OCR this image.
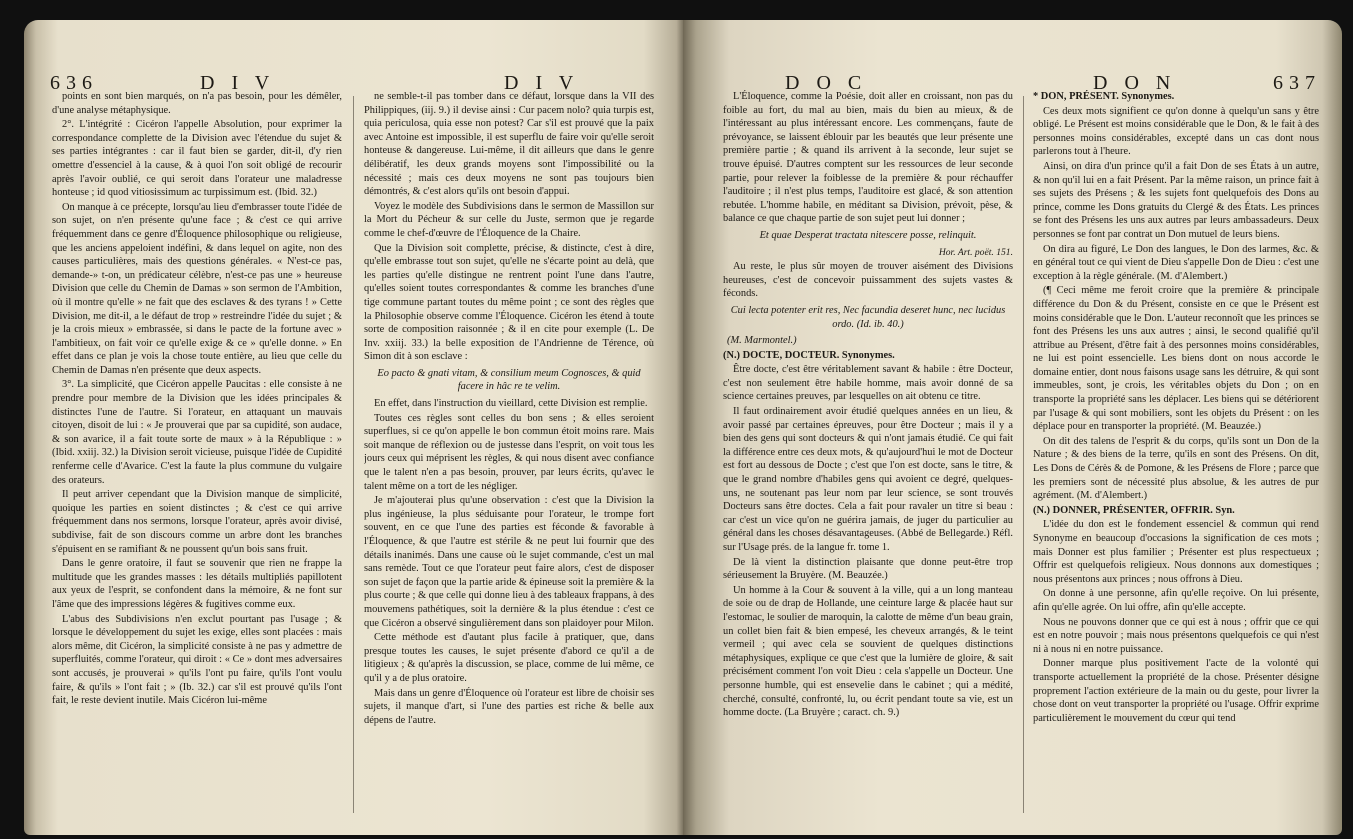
636	D I V	D I V

points en sont bien marqués, on n'a pas besoin, pour les démêler, d'une analyse métaphysique.

2°. L'intégrité : Cicéron l'appelle Absolution, pour exprimer la correspondance complette de la Division avec l'étendue du sujet & ses parties intégrantes : car il faut bien se garder, dit-il, d'y rien omettre d'essenciel à la cause, & à quoi l'on soit obligé de recourir après l'avoir oublié, ce qui seroit dans l'orateur une maladresse honteuse ; id quod vitiosissimum ac turpissimum est. (Ibid. 32.)

On manque à ce précepte, lorsqu'au lieu d'embrasser toute l'idée de son sujet, on n'en présente qu'une face ; & c'est ce qui arrive fréquemment dans ce genre d'Éloquence philosophique ou religieuse, que les anciens appeloient indéfini, & dans lequel on agite, non des causes particulières, mais des questions générales. « N'est-ce pas, demande-» t-on, un prédicateur célèbre, n'est-ce pas une » heureuse Division que celle du Chemin de Damas » son sermon de l'Ambition, où il montre qu'elle » ne fait que des esclaves & des tyrans ! » Cette Division, me dit-il, a le défaut de trop » restreindre l'idée du sujet ; & je la crois mieux » embrassée, si dans le pacte de la fortune avec » l'ambitieux, on fait voir ce qu'elle exige & ce » qu'elle donne. » En effet dans ce plan je vois la chose toute entière, au lieu que celle du Chemin de Damas n'en présente que deux aspects.

3°. La simplicité, que Cicéron appelle Paucitas : elle consiste à ne prendre pour membre de la Division que les idées principales & distinctes l'une de l'autre. Si l'orateur, en attaquant un mauvais citoyen, disoit de lui : « Je prouverai que par sa cupidité, son audace, & son avarice, il a fait toute sorte de maux » à la République : » (Ibid. xxiij. 32.) la Division seroit vicieuse, puisque l'idée de Cupidité renferme celle d'Avarice. C'est la faute la plus commune du vulgaire des orateurs.

Il peut arriver cependant que la Division manque de simplicité, quoique les parties en soient distinctes ; & c'est ce qui arrive fréquemment dans nos sermons, lorsque l'orateur, après avoir divisé, subdivise, fait de son discours comme un arbre dont les branches s'épuisent en se ramifiant & ne poussent qu'un bois sans fruit.

Dans le genre oratoire, il faut se souvenir que rien ne frappe la multitude que les grandes masses : les détails multipliés papillotent aux yeux de l'esprit, se confondent dans la mémoire, & ne font sur l'âme que des impressions légères & fugitives comme eux.

L'abus des Subdivisions n'en exclut pourtant pas l'usage ; & lorsque le développement du sujet les exige, elles sont placées : mais alors même, dit Cicéron, la simplicité consiste à ne pas y admettre de superfluités, comme l'orateur, qui diroit : « Ce » dont mes adversaires sont accusés, je prouverai » qu'ils l'ont pu faire, qu'ils l'ont voulu faire, & qu'ils » l'ont fait ; » (Ib. 32.) car s'il est prouvé qu'ils l'ont fait, le reste devient inutile. Mais Cicéron lui-même

ne semble-t-il pas tomber dans ce défaut, lorsque dans la VII des Philippiques, (iij. 9.) il devise ainsi : Cur pacem nolo? quia turpis est, quia periculosa, quia esse non potest? Car s'il est prouvé que la paix avec Antoine est impossible, il est superflu de faire voir qu'elle seroit honteuse & dangereuse. Lui-même, il dit ailleurs que dans le genre délibératif, les deux grands moyens sont l'impossibilité ou la nécessité ; mais ces deux moyens ne sont pas toujours bien démontrés, & c'est alors qu'ils ont besoin d'appui.

Voyez le modèle des Subdivisions dans le sermon de Massillon sur la Mort du Pécheur & sur celle du Juste, sermon que je regarde comme le chef-d'œuvre de l'Éloquence de la Chaire.

Que la Division soit complette, précise, & distincte, c'est à dire, qu'elle embrasse tout son sujet, qu'elle ne s'écarte point au delà, que les parties qu'elle distingue ne rentrent point l'une dans l'autre, qu'elles soient toutes correspondantes & comme les branches d'une tige commune partant toutes du même point ; ce sont des règles que la Philosophie observe comme l'Éloquence. Cicéron les étend à toute sorte de composition raisonnée ; & il en cite pour exemple (L. De Inv. xxiij. 33.) la belle exposition de l'Andrienne de Térence, où Simon dit à son esclave :

Eo pacto & gnati vitam, & consilium meum Cognosces, & quid facere in hâc re te velim.

En effet, dans l'instruction du vieillard, cette Division est remplie.

Toutes ces règles sont celles du bon sens ; & elles seroient superflues, si ce qu'on appelle le bon commun étoit moins rare. Mais soit manque de réflexion ou de justesse dans l'esprit, on voit tous les jours ceux qui méprisent les règles, & qui nous disent avec confiance que le talent n'en a pas besoin, prouver, par leurs écrits, qu'avec le talent même on a tort de les négliger.

Je m'ajouterai plus qu'une observation : c'est que la Division la plus ingénieuse, la plus séduisante pour l'orateur, le trompe fort souvent, en ce que l'une des parties est féconde & favorable à l'Éloquence, & que l'autre est stérile & ne peut lui fournir que des détails inanimés. Dans une cause où le sujet commande, c'est un mal sans remède. Tout ce que l'orateur peut faire alors, c'est de disposer son sujet de façon que la partie aride & épineuse soit la première & la plus courte ; & que celle qui donne lieu à des tableaux frappans, à des mouvemens pathétiques, soit la dernière & la plus étendue : c'est ce que Cicéron a observé singulièrement dans son plaidoyer pour Milon.

Cette méthode est d'autant plus facile à pratiquer, que, dans presque toutes les causes, le sujet présente d'abord ce qu'il a de litigieux ; & qu'après la discussion, se place, comme de lui même, ce qu'il y a de plus oratoire.

Mais dans un genre d'Éloquence où l'orateur est libre de choisir ses sujets, il manque d'art, si l'une des parties est riche & belle aux dépens de l'autre.

D O C	D O N	637

L'Éloquence, comme la Poésie, doit aller en croissant, non pas du foible au fort, du mal au bien, mais du bien au mieux, & de l'intéressant au plus intéressant encore. Les commençans, faute de prévoyance, se laissent éblouir par les beautés que leur présente une première partie ; & quand ils arrivent à la seconde, leur sujet se trouve épuisé. D'autres comptent sur les ressources de leur seconde partie, pour relever la foiblesse de la première & pour réchauffer l'auditoire ; il n'est plus temps, l'auditoire est glacé, & son attention rebutée. L'homme habile, en méditant sa Division, prévoit, pèse, & balance ce que chaque partie de son sujet peut lui donner ;

Et quae Desperat tractata nitescere posse, relinquit.

Hor. Art. poët. 151.

Au reste, le plus sûr moyen de trouver aisément des Divisions heureuses, c'est de concevoir puissamment des sujets vastes & féconds.

Cui lecta potenter erit res, Nec facundia deseret hunc, nec lucidus ordo. (Id. ib. 40.)

(M. Marmontel.)

(N.) DOCTE, DOCTEUR. Synonymes.

Être docte, c'est être véritablement savant & habile : être Docteur, c'est non seulement être habile homme, mais avoir donné de sa science certaines preuves, par lesquelles on ait obtenu ce titre.

Il faut ordinairement avoir étudié quelques années en un lieu, & avoir passé par certaines épreuves, pour être Docteur ; mais il y a bien des gens qui sont docteurs & qui n'ont jamais étudié. Ce qui fait la différence entre ces deux mots, & qu'aujourd'hui le mot de Docteur est fort au dessous de Docte ; c'est que l'on est docte, sans le titre, & que le grand nombre d'habiles gens qui avoient ce degré, quelques-uns, ne soutenant pas leur nom par leur science, se sont trouvés Docteurs sans être doctes. Cela a fait pour ravaler un titre si beau : car c'est un vice qu'on ne guérira jamais, de juger du particulier au général dans les choses désavantageuses. (Abbé de Bellegarde.) Réfl. sur l'Usage prés. de la langue fr. tome 1.

De là vient la distinction plaisante que donne peut-être trop sérieusement la Bruyère. (M. Beauzée.)

Un homme à la Cour & souvent à la ville, qui a un long manteau de soie ou de drap de Hollande, une ceinture large & placée haut sur l'estomac, le soulier de maroquin, la calotte de même d'un beau grain, un collet bien fait & bien empesé, les cheveux arrangés, & le teint vermeil ; qui avec cela se souvient de quelques distinctions métaphysiques, explique ce que c'est que la lumière de gloire, & sait précisément comment l'on voit Dieu : cela s'appelle un Docteur. Une personne humble, qui est ensevelie dans le cabinet ; qui a médité, cherché, consulté, confronté, lu, ou écrit pendant toute sa vie, est un homme docte. (La Bruyère ; caract. ch. 9.)

* DON, PRÉSENT. Synonymes.

Ces deux mots signifient ce qu'on donne à quelqu'un sans y être obligé. Le Présent est moins considérable que le Don, & le fait à des personnes moins considérables, excepté dans un cas dont nous parlerons tout à l'heure.

Ainsi, on dira d'un prince qu'il a fait Don de ses États à un autre, & non qu'il lui en a fait Présent. Par la même raison, un prince fait à ses sujets des Présens ; & les sujets font quelquefois des Dons au prince, comme les Dons gratuits du Clergé & des États. Les princes se font des Présens les uns aux autres par leurs ambassadeurs. Deux personnes se font par contrat un Don mutuel de leurs biens.

On dira au figuré, Le Don des langues, le Don des larmes, &c. & en général tout ce qui vient de Dieu s'appelle Don de Dieu : c'est une exception à la règle générale. (M. d'Alembert.)

(¶ Ceci même me feroit croire que la première & principale différence du Don & du Présent, consiste en ce que le Présent est moins considérable que le Don. L'auteur reconnoît que les princes se font des Présens les uns aux autres ; ainsi, le second qualifié qu'il attribue au Présent, d'être fait à des personnes moins considérables, ne lui est point essencielle. Les biens dont on nous accorde le domaine entier, dont nous faisons usage sans les détruire, & qui sont immeubles, sont, je crois, les véritables objets du Don ; on en transporte la propriété sans les déplacer. Les biens qui se détériorent par l'usage & qui sont mobiliers, sont les objets du Présent : on les déplace pour en transporter la propriété. (M. Beauzée.)

On dit des talens de l'esprit & du corps, qu'ils sont un Don de la Nature ; & des biens de la terre, qu'ils en sont des Présens. On dit, Les Dons de Cérès & de Pomone, & les Présens de Flore ; parce que les premiers sont de nécessité plus absolue, & les autres de pur agrément. (M. d'Alembert.)

(N.) DONNER, PRÉSENTER, OFFRIR. Syn.

L'idée du don est le fondement essenciel & commun qui rend Synonyme en beaucoup d'occasions la signification de ces mots ; mais Donner est plus familier ; Présenter est plus respectueux ; Offrir est quelquefois religieux. Nous donnons aux domestiques ; nous présentons aux princes ; nous offrons à Dieu.

On donne à une personne, afin qu'elle reçoive. On lui présente, afin qu'elle agrée. On lui offre, afin qu'elle accepte.

Nous ne pouvons donner que ce qui est à nous ; offrir que ce qui est en notre pouvoir ; mais nous présentons quelquefois ce qui n'est ni à nous ni en notre puissance.

Donner marque plus positivement l'acte de la volonté qui transporte actuellement la propriété de la chose. Présenter désigne proprement l'action extérieure de la main ou du geste, pour livrer la chose dont on veut transporter la propriété ou l'usage. Offrir exprime particulièrement le mouvement du cœur qui tend
